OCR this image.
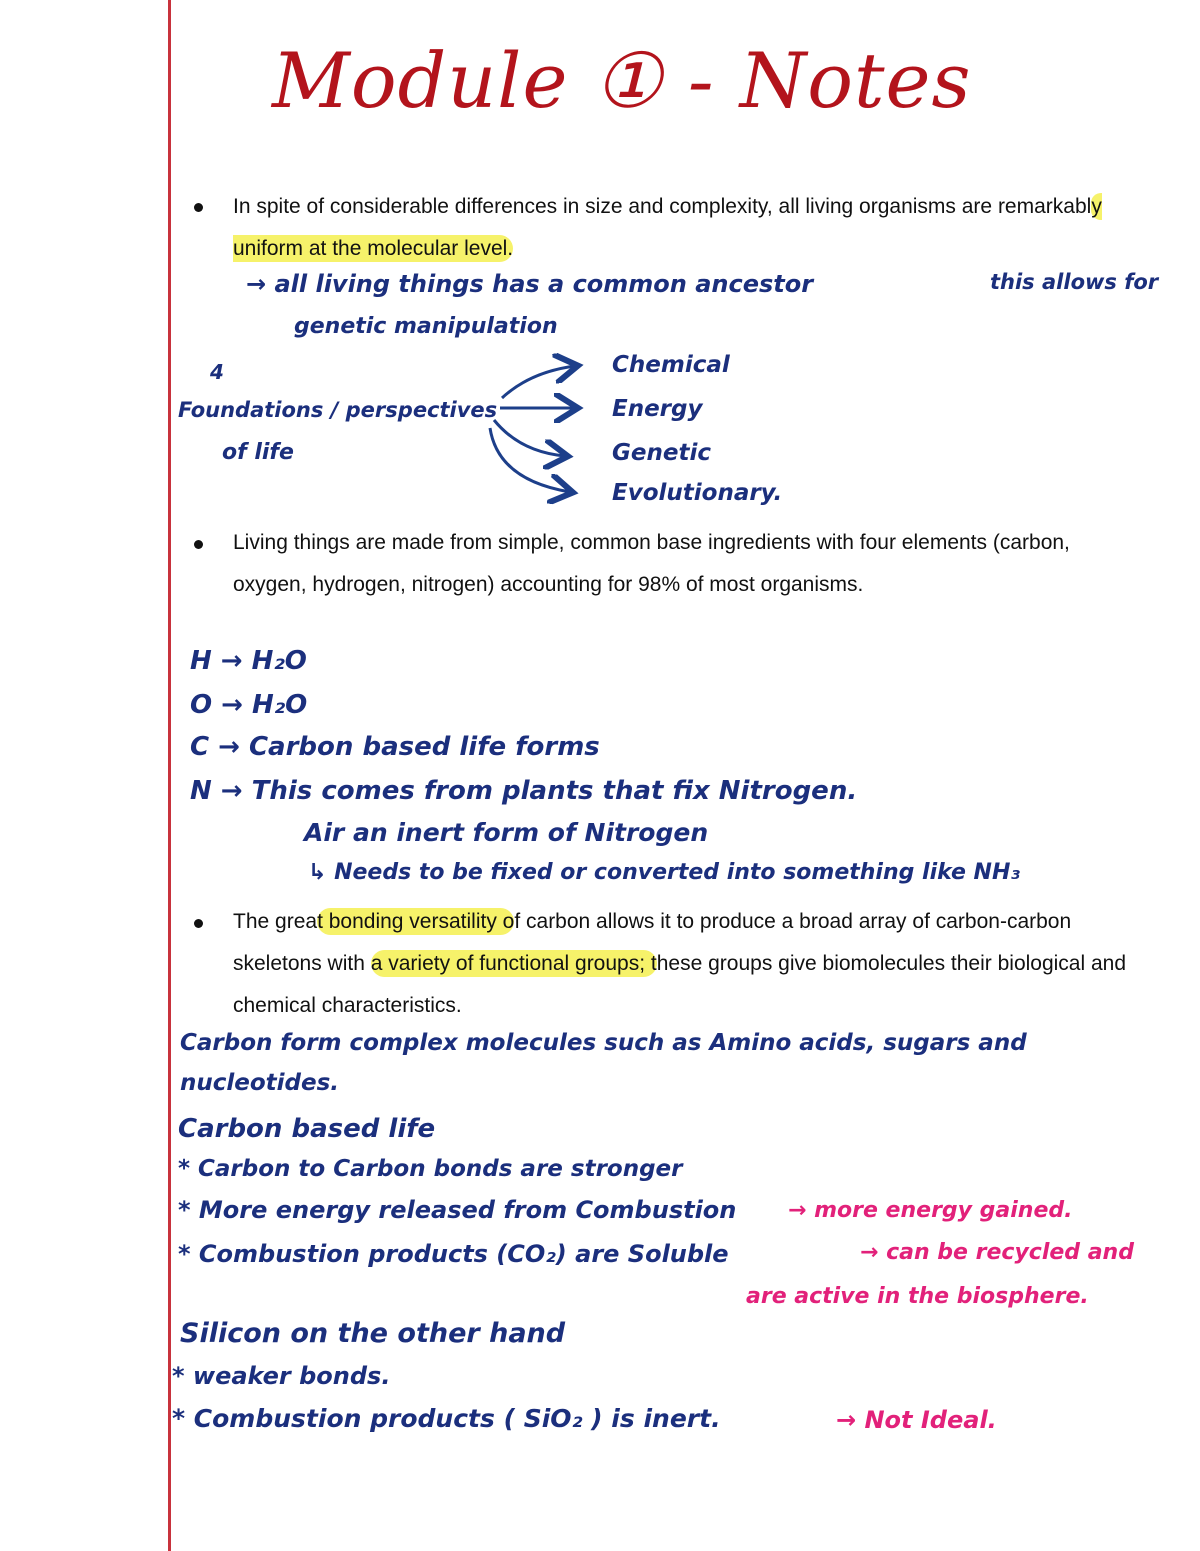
Module ① - Notes
In spite of considerable differences in size and complexity, all living organisms are remarkably uniform at the molecular level.
→ all living things has a common ancestor	this allows for
genetic manipulation
4
Foundations / perspectives
of life
Chemical
Energy
Genetic
Evolutionary.
Living things are made from simple, common base ingredients with four elements (carbon, oxygen, hydrogen, nitrogen) accounting for 98% of most organisms.
H → H₂O
O → H₂O
C → Carbon based life forms
N → This comes from plants that fix Nitrogen.
Air an inert form of Nitrogen
↳ Needs to be fixed or converted into something like NH₃
The great bonding versatility of carbon allows it to produce a broad array of carbon-carbon skeletons with a variety of functional groups; these groups give biomolecules their biological and chemical characteristics.
Carbon form complex molecules such as Amino acids, sugars and
nucleotides.
Carbon based life
* Carbon to Carbon bonds are stronger
* More energy released from Combustion → more energy gained.
* Combustion products (CO₂) are Soluble	→ can be recycled and
are active in the biosphere.
Silicon on the other hand
* weaker bonds.
* Combustion products ( SiO₂ ) is inert.	→ Not Ideal.
